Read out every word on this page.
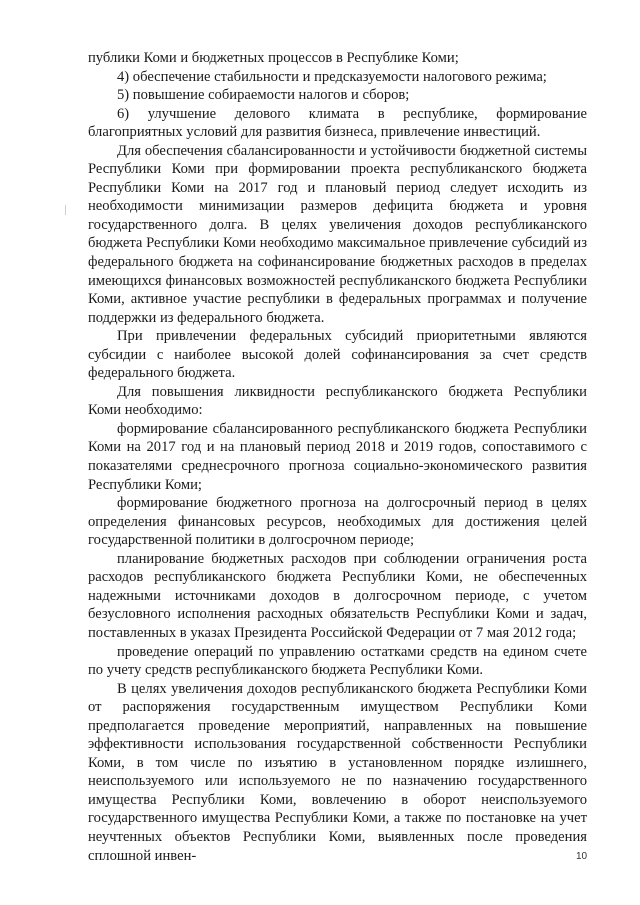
публики Коми и бюджетных процессов в Республике Коми;

4) обеспечение стабильности и предсказуемости налогового режима;

5) повышение собираемости налогов и сборов;

6) улучшение делового климата в республике, формирование благоприятных условий для развития бизнеса, привлечение инвестиций.

Для обеспечения сбалансированности и устойчивости бюджетной системы Республики Коми при формировании проекта республиканского бюджета Республики Коми на 2017 год и плановый период следует исходить из необходимости минимизации размеров дефицита бюджета и уровня государственного долга. В целях увеличения доходов республиканского бюджета Республики Коми необходимо максимальное привлечение субсидий из федерального бюджета на софинансирование бюджетных расходов в пределах имеющихся финансовых возможностей республиканского бюджета Республики Коми, активное участие республики в федеральных программах и получение поддержки из федерального бюджета.

При привлечении федеральных субсидий приоритетными являются субсидии с наиболее высокой долей софинансирования за счет средств федерального бюджета.

Для повышения ликвидности республиканского бюджета Республики Коми необходимо:

формирование сбалансированного республиканского бюджета Республики Коми на 2017 год и на плановый период 2018 и 2019 годов, сопоставимого с показателями среднесрочного прогноза социально-экономического развития Республики Коми;

формирование бюджетного прогноза на долгосрочный период в целях определения финансовых ресурсов, необходимых для достижения целей государственной политики в долгосрочном периоде;

планирование бюджетных расходов при соблюдении ограничения роста расходов республиканского бюджета Республики Коми, не обеспеченных надежными источниками доходов в долгосрочном периоде, с учетом безусловного исполнения расходных обязательств Республики Коми и задач, поставленных в указах Президента Российской Федерации от 7 мая 2012 года;

проведение операций по управлению остатками средств на едином счете по учету средств республиканского бюджета Республики Коми.

В целях увеличения доходов республиканского бюджета Республики Коми от распоряжения государственным имуществом Республики Коми предполагается проведение мероприятий, направленных на повышение эффективности использования государственной собственности Республики Коми, в том числе по изъятию в установленном порядке излишнего, неиспользуемого или используемого не по назначению государственного имущества Республики Коми, вовлечению в оборот неиспользуемого государственного имущества Республики Коми, а также по постановке на учет неучтенных объектов Республики Коми, выявленных после проведения сплошной инвен-	10
